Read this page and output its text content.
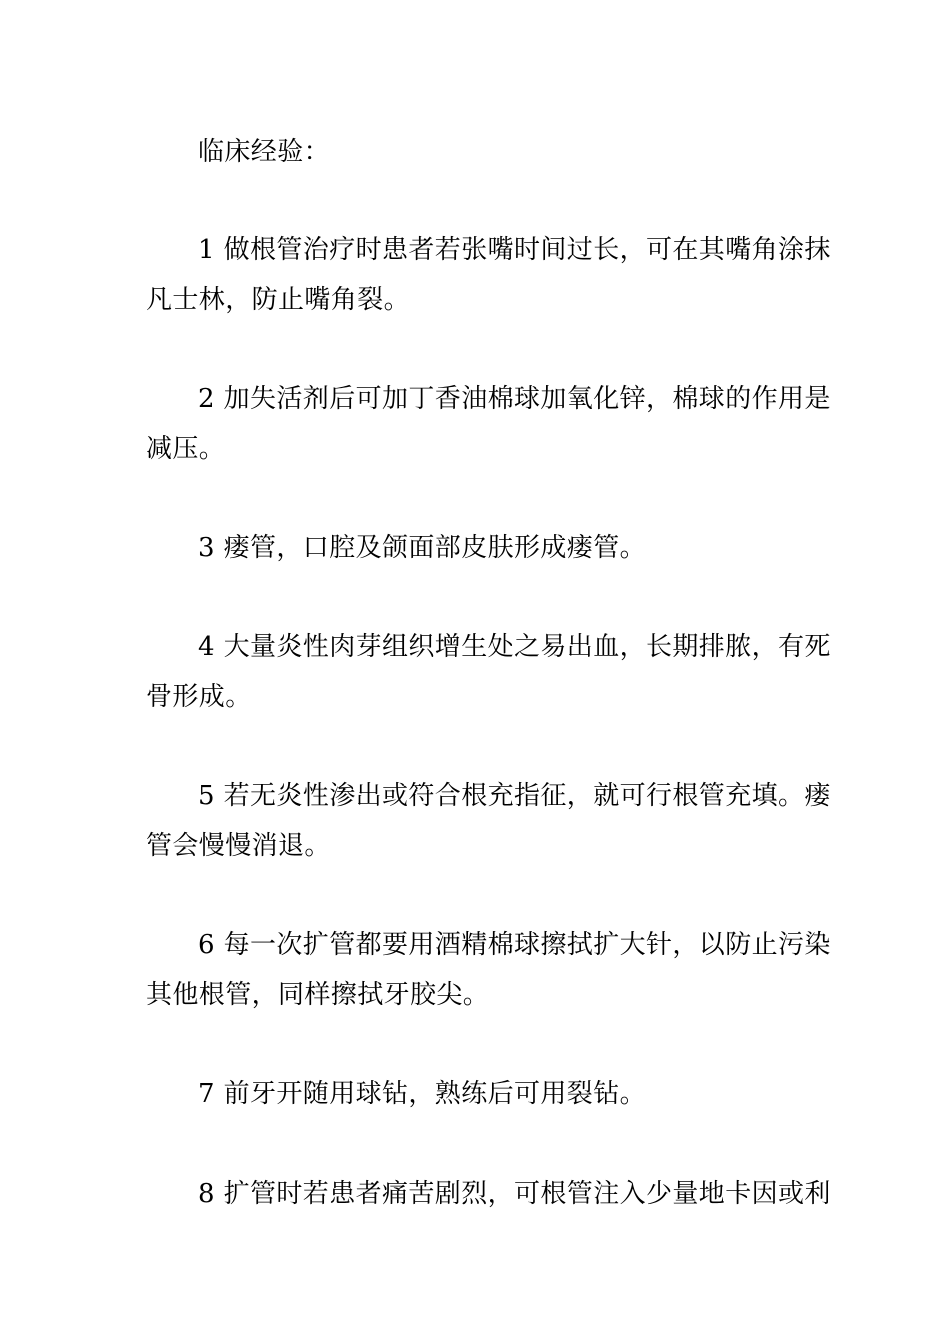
临床经验：
1 做根管治疗时患者若张嘴时间过长，可在其嘴角涂抹
凡士林，防止嘴角裂。
2 加失活剂后可加丁香油棉球加氧化锌，棉球的作用是
减压。
3 瘘管，口腔及颌面部皮肤形成瘘管。
4 大量炎性肉芽组织增生处之易出血，长期排脓，有死
骨形成。
5 若无炎性渗出或符合根充指征，就可行根管充填。瘘
管会慢慢消退。
6 每一次扩管都要用酒精棉球擦拭扩大针，以防止污染
其他根管，同样擦拭牙胶尖。
7 前牙开随用球钻，熟练后可用裂钻。
8 扩管时若患者痛苦剧烈，可根管注入少量地卡因或利
